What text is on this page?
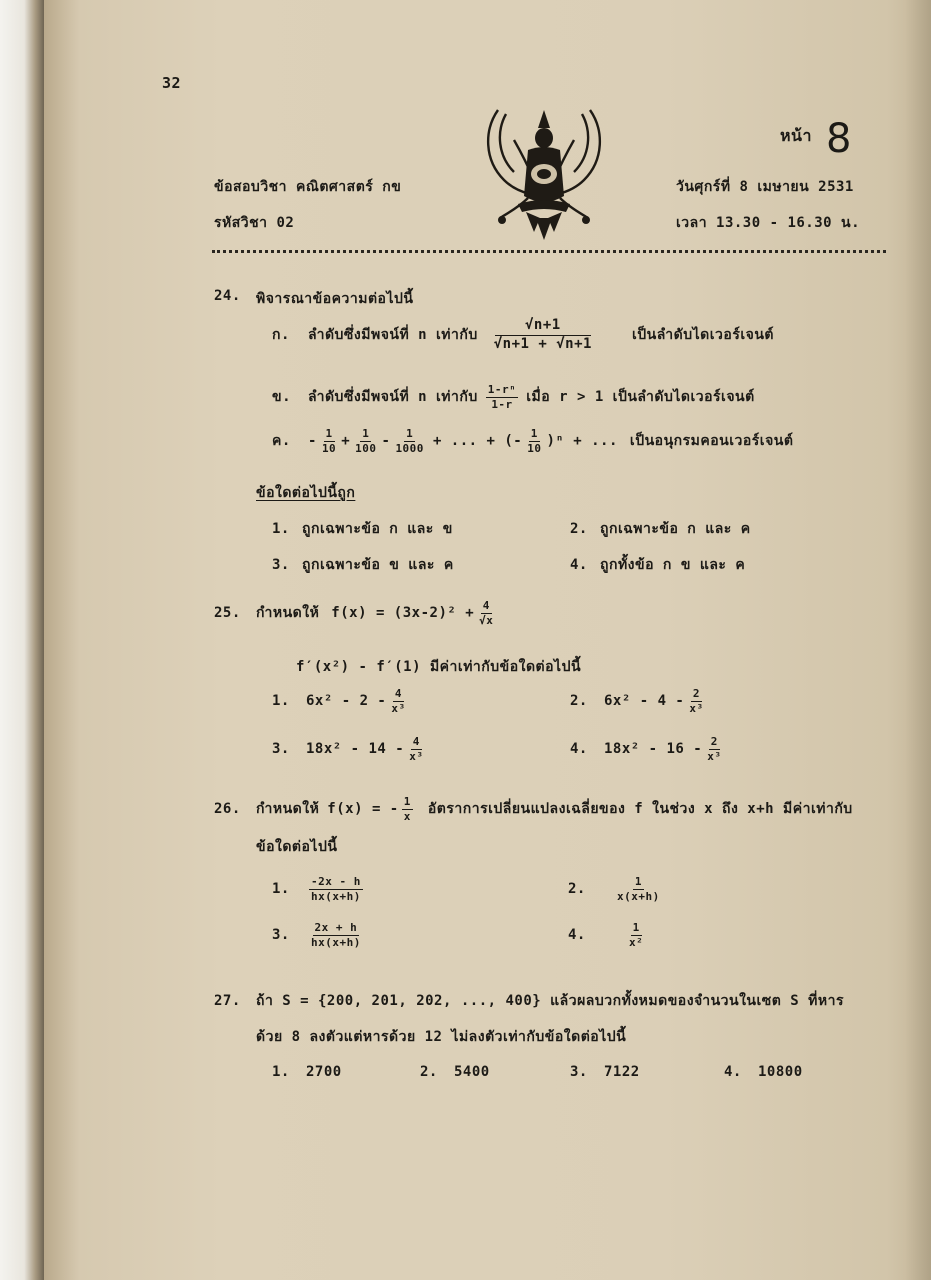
32
ข้อสอบวิชา คณิตศาสตร์ กข
รหัสวิชา 02
หน้า 8
วันศุกร์ที่ 8 เมษายน 2531
เวลา 13.30 - 16.30 น.
24. พิจารณาข้อความต่อไปนี้
ก.	ลำดับซึ่งมีพจน์ที่ n เท่ากับ $\frac{√n+1}{√n+1 + √n+1}$	เป็นลำดับไดเวอร์เจนต์
ข.	ลำดับซึ่งมีพจน์ที่ n เท่ากับ $\frac{\text{1-rⁿ}}{1-r}$ เมื่อ r > 1 เป็นลำดับไดเวอร์เจนต์
ค.	- $\frac{1}{10} + \frac{1}{100} - \frac{1}{1000}$ + ... + (- $\frac{1}{10} )^n$ + ... เป็นอนุกรมคอนเวอร์เจนต์
ข้อใดต่อไปนี้ถูก
1. ถูกเฉพาะข้อ ก และ ข	2. ถูกเฉพาะข้อ ก และ ค
3. ถูกเฉพาะข้อ ข และ ค	4. ถูกทั้งข้อ ก ข และ ค
25.	กำหนดให้ $f(x) = (3x-2)^2 + \frac{4}{√x}$
f′(x²) - f′(1) มีค่าเท่ากับข้อใดต่อไปนี้
1.	$6x^2 - 2 - \frac{4}{\text{x³}}$	2.	$6x^2 - 4 - \frac{2}{\text{x³}}$
3.	$18x^2 - 14 - \frac{4}{\text{x³}}$	4.	$18x^2 - 16 - \frac{2}{\text{x³}}$
26.	กำหนดให้ f(x) = - $\frac{1}{x}$ อัตราการเปลี่ยนแปลงเฉลี่ยของ f ในช่วง x ถึง x+h มีค่าเท่ากับ
ข้อใดต่อไปนี้
1.	$\frac{-2x - h}{hx(x+h)}$	2.	$\frac{1}{x(x+h)}$
3.	$\frac{2x + h}{hx(x+h)}$	4.	$\frac{1}{\text{x²}}$
27. ถ้า S = {200, 201, 202, ..., 400} แล้วผลบวกทั้งหมดของจำนวนในเซต S ที่หาร
ด้วย 8 ลงตัวแต่หารด้วย 12 ไม่ลงตัวเท่ากับข้อใดต่อไปนี้
1. 2700	2. 5400	3. 7122	4. 10800
